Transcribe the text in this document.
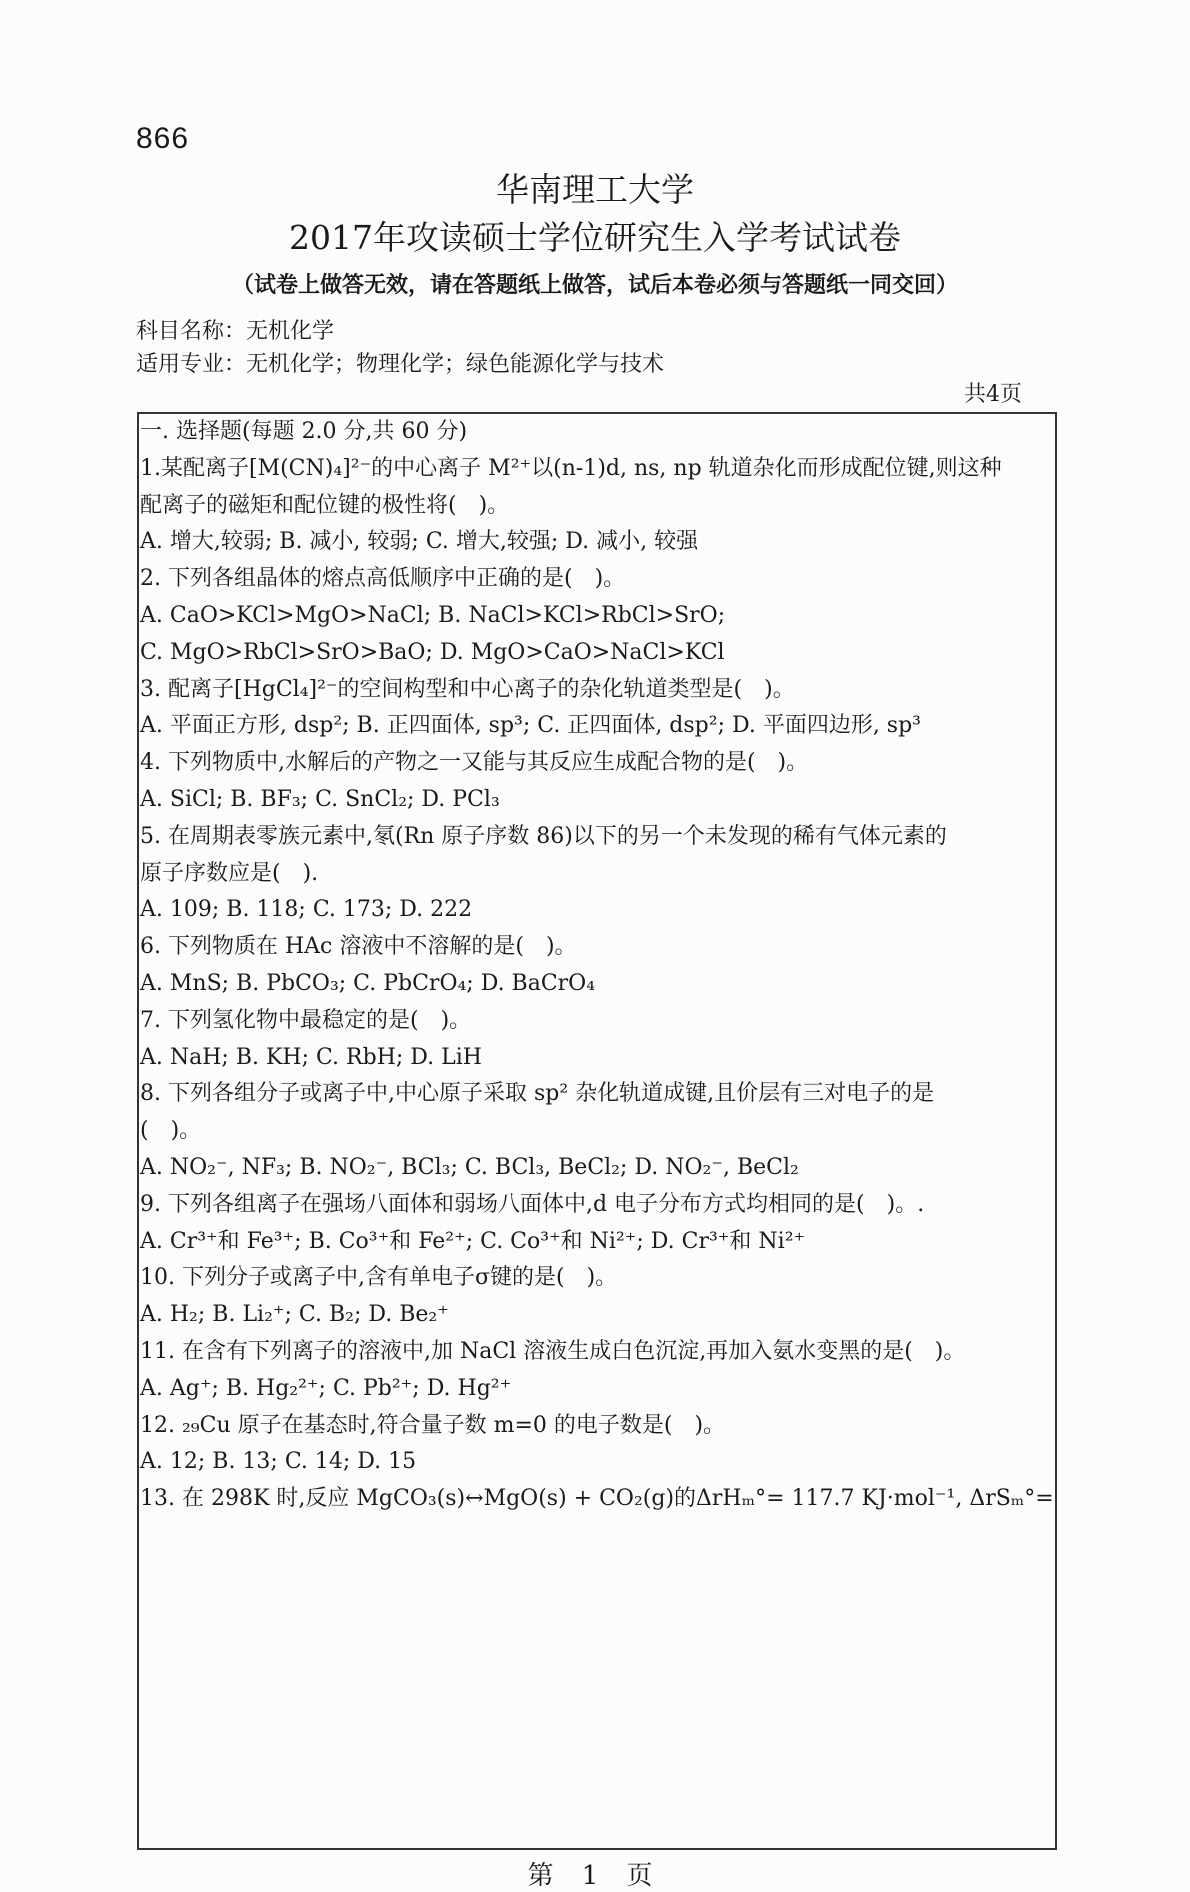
866
华南理工大学
2017年攻读硕士学位研究生入学考试试卷
（试卷上做答无效，请在答题纸上做答，试后本卷必须与答题纸一同交回）
科目名称：无机化学
适用专业：无机化学；物理化学；绿色能源化学与技术
共4页
一. 选择题(每题 2.0 分,共 60 分)
1.某配离子[M(CN)₄]²⁻的中心离子 M²⁺以(n-1)d, ns, np 轨道杂化而形成配位键,则这种
配离子的磁矩和配位键的极性将(　)。
A. 增大,较弱; B. 减小, 较弱; C. 增大,较强; D. 减小, 较强
2. 下列各组晶体的熔点高低顺序中正确的是(　)。
A. CaO>KCl>MgO>NaCl; B. NaCl>KCl>RbCl>SrO;
C. MgO>RbCl>SrO>BaO; D. MgO>CaO>NaCl>KCl
3. 配离子[HgCl₄]²⁻的空间构型和中心离子的杂化轨道类型是(　)。
A. 平面正方形, dsp²; B. 正四面体, sp³; C. 正四面体, dsp²; D. 平面四边形, sp³
4. 下列物质中,水解后的产物之一又能与其反应生成配合物的是(　)。
A. SiCl; B. BF₃; C. SnCl₂; D. PCl₃
5. 在周期表零族元素中,氡(Rn 原子序数 86)以下的另一个未发现的稀有气体元素的
原子序数应是(　).
A. 109; B. 118; C. 173; D. 222
6. 下列物质在 HAc 溶液中不溶解的是(　)。
A. MnS; B. PbCO₃; C. PbCrO₄; D. BaCrO₄
7. 下列氢化物中最稳定的是(　)。
A. NaH; B. KH; C. RbH; D. LiH
8. 下列各组分子或离子中,中心原子采取 sp² 杂化轨道成键,且价层有三对电子的是
(　)。
A. NO₂⁻, NF₃; B. NO₂⁻, BCl₃; C. BCl₃, BeCl₂; D. NO₂⁻, BeCl₂
9. 下列各组离子在强场八面体和弱场八面体中,d 电子分布方式均相同的是(　)。.
A. Cr³⁺和 Fe³⁺; B. Co³⁺和 Fe²⁺; C. Co³⁺和 Ni²⁺; D. Cr³⁺和 Ni²⁺
10. 下列分子或离子中,含有单电子σ键的是(　)。
A. H₂; B. Li₂⁺; C. B₂; D. Be₂⁺
11. 在含有下列离子的溶液中,加 NaCl 溶液生成白色沉淀,再加入氨水变黑的是(　)。
A. Ag⁺; B. Hg₂²⁺; C. Pb²⁺; D. Hg²⁺
12. ₂₉Cu 原子在基态时,符合量子数 m=0 的电子数是(　)。
A. 12; B. 13; C. 14; D. 15
13. 在 298K 时,反应 MgCO₃(s)↔MgO(s) + CO₂(g)的ΔrHₘ°= 117.7 KJ·mol⁻¹, ΔrSₘ°=
第 1 页
